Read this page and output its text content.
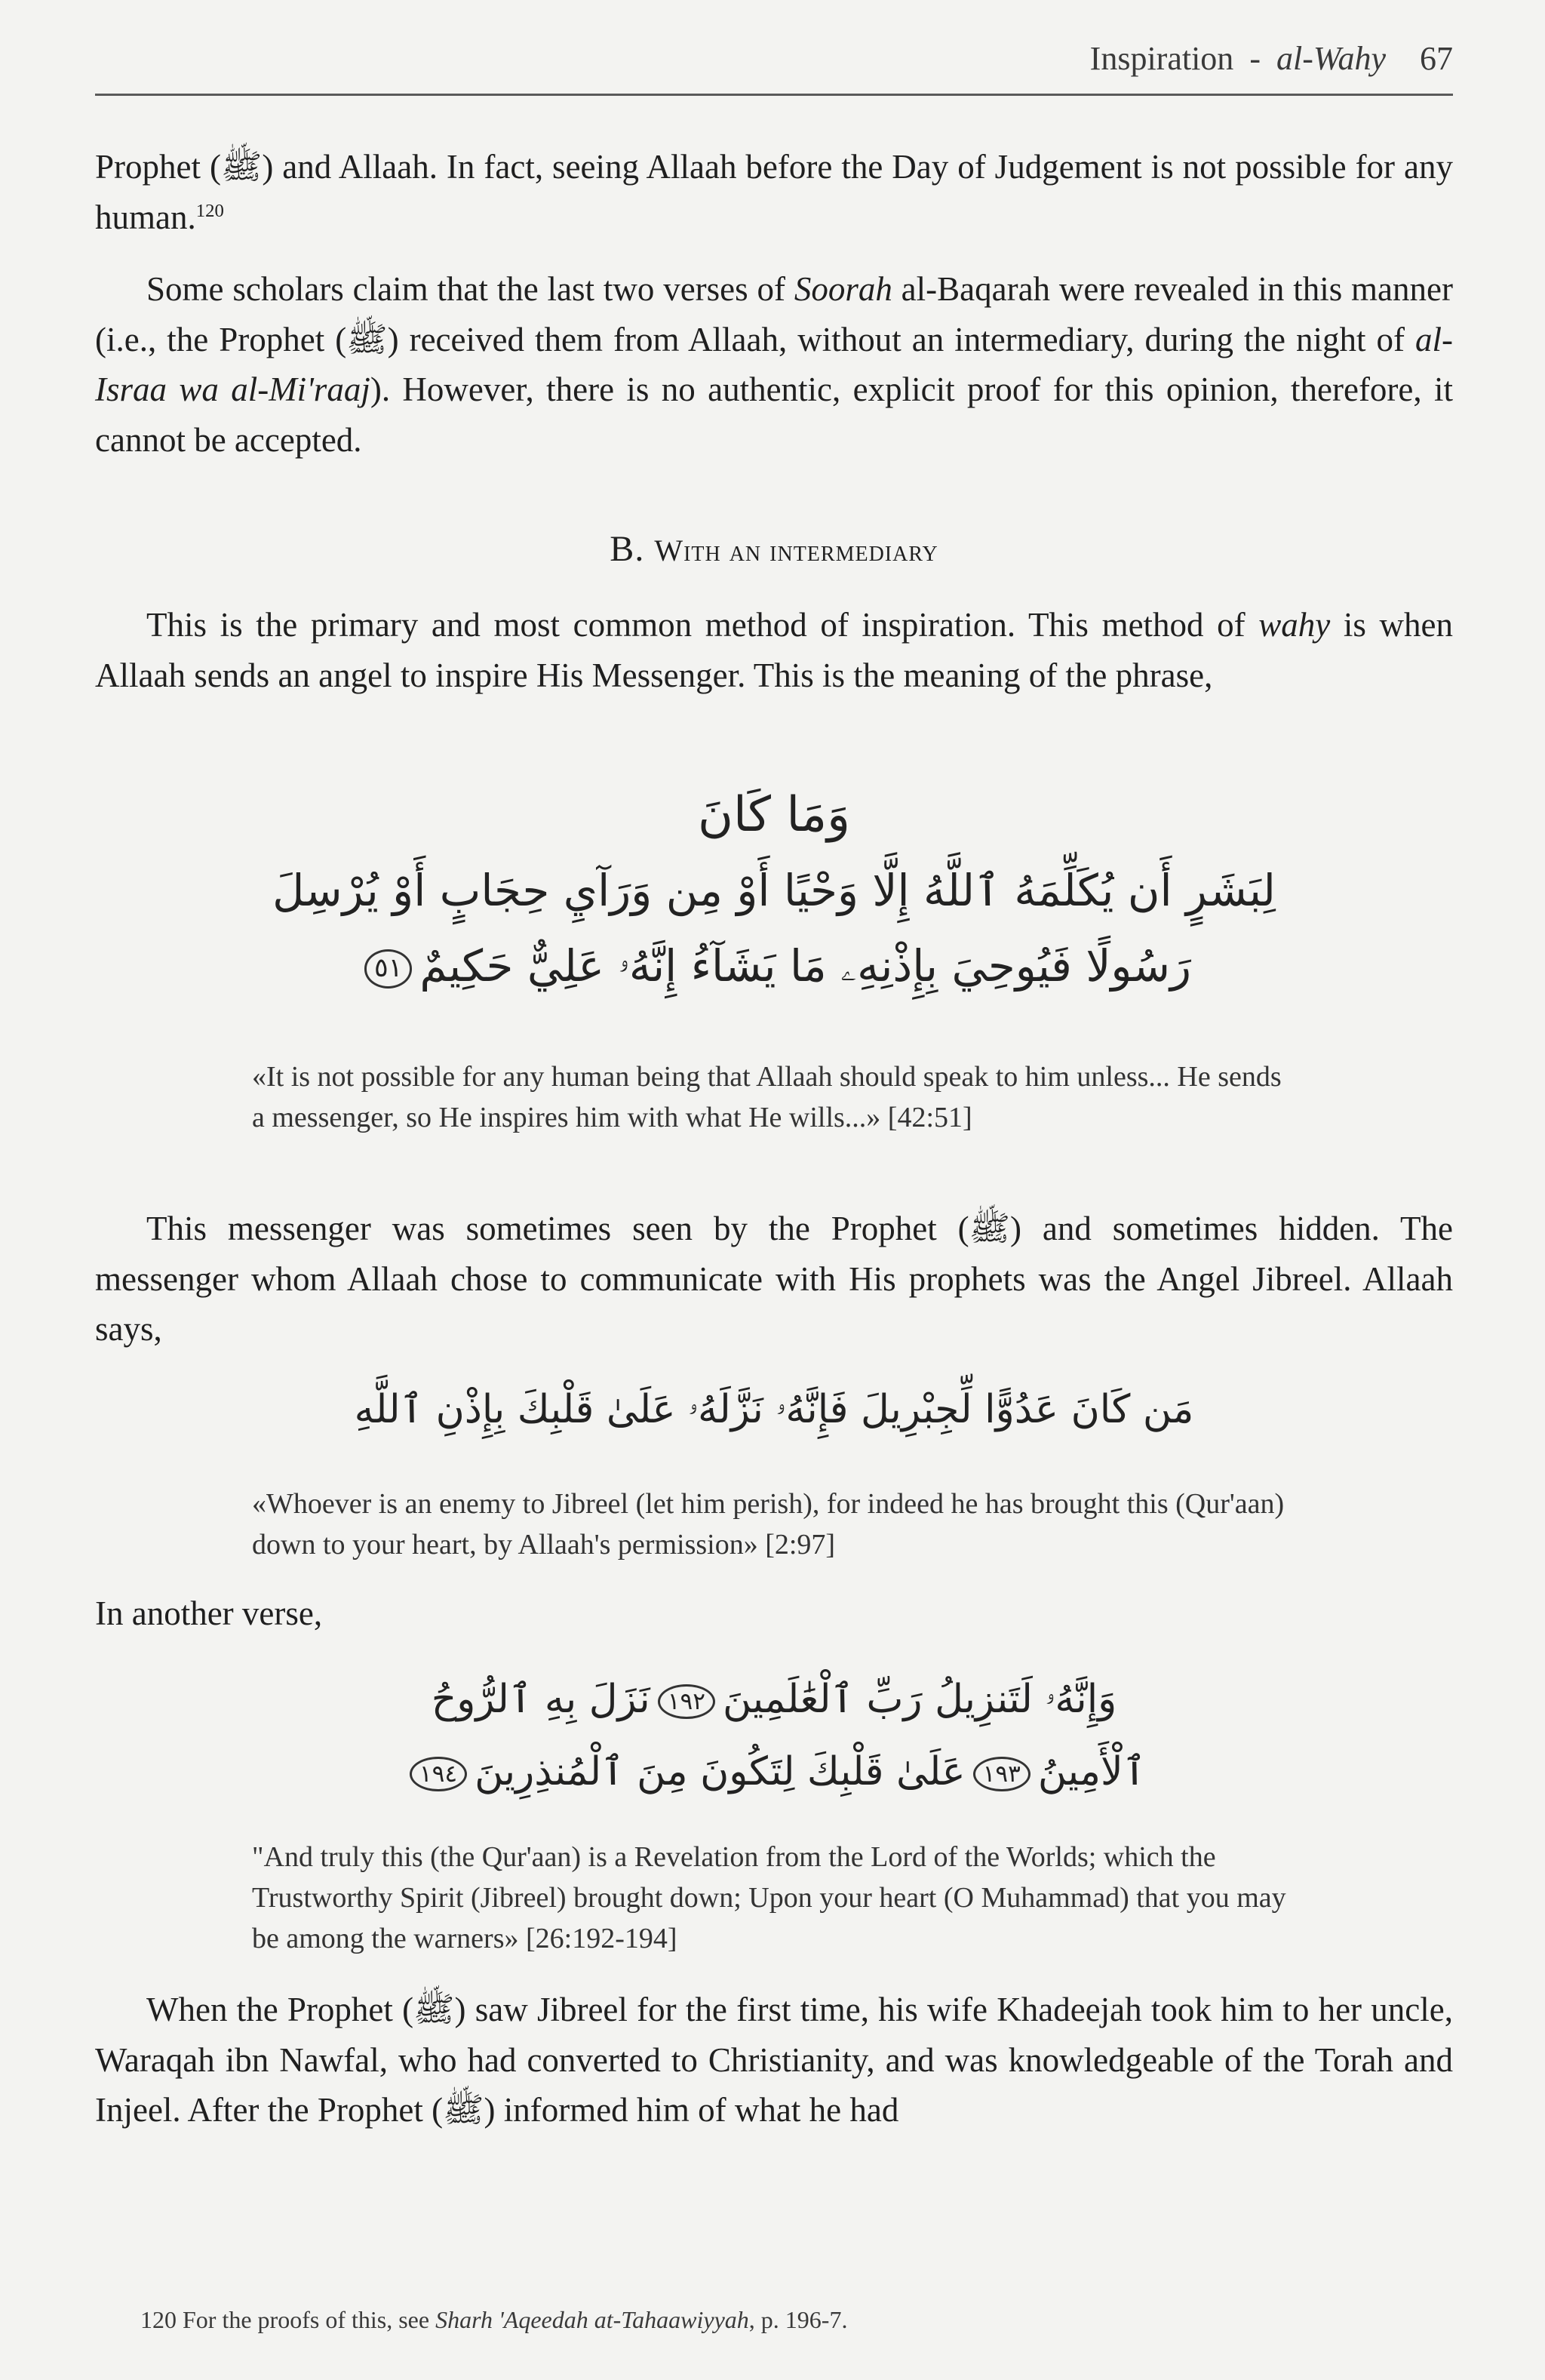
Inspiration - al-Wahy 67
Prophet (ﷺ) and Allaah. In fact, seeing Allaah before the Day of Judgement is not possible for any human.$^{120}$
Some scholars claim that the last two verses of Soorah al-Baqarah were revealed in this manner (i.e., the Prophet (ﷺ) received them from Allaah, without an intermediary, during the night of al-Israa wa al-Mi'raaj). However, there is no authentic, explicit proof for this opinion, therefore, it cannot be accepted.
B. With an intermediary
This is the primary and most common method of inspiration. This method of wahy is when Allaah sends an angel to inspire His Messenger. This is the meaning of the phrase,
وَمَا كَانَ
لِبَشَرٍ أَن يُكَلِّمَهُ ٱللَّهُ إِلَّا وَحْيًا أَوْ مِن وَرَآيِ حِجَابٍ أَوْ يُرْسِلَ
رَسُولًا فَيُوحِيَ بِإِذْنِهِۦ مَا يَشَآءُ إِنَّهُۥ عَلِيٌّ حَكِيمٌ٥١
«It is not possible for any human being that Allaah should speak to him unless... He sends a messenger, so He inspires him with what He wills...» [42:51]
This messenger was sometimes seen by the Prophet (ﷺ) and sometimes hidden. The messenger whom Allaah chose to communicate with His prophets was the Angel Jibreel. Allaah says,
مَن كَانَ عَدُوًّا لِّجِبْرِيلَ فَإِنَّهُۥ نَزَّلَهُۥ عَلَىٰ قَلْبِكَ بِإِذْنِ ٱللَّهِ
«Whoever is an enemy to Jibreel (let him perish), for indeed he has brought this (Qur'aan) down to your heart, by Allaah's permission» [2:97]
In another verse,
وَإِنَّهُۥ لَتَنزِيلُ رَبِّ ٱلْعَٰلَمِينَ١٩٢نَزَلَ بِهِ ٱلرُّوحُ
ٱلْأَمِينُ١٩٣عَلَىٰ قَلْبِكَ لِتَكُونَ مِنَ ٱلْمُنذِرِينَ١٩٤
"And truly this (the Qur'aan) is a Revelation from the Lord of the Worlds; which the Trustworthy Spirit (Jibreel) brought down; Upon your heart (O Muhammad) that you may be among the warners» [26:192-194]
When the Prophet (ﷺ) saw Jibreel for the first time, his wife Khadeejah took him to her uncle, Waraqah ibn Nawfal, who had converted to Christianity, and was knowledgeable of the Torah and Injeel. After the Prophet (ﷺ) informed him of what he had
120 For the proofs of this, see Sharh 'Aqeedah at-Tahaawiyyah, p. 196-7.
